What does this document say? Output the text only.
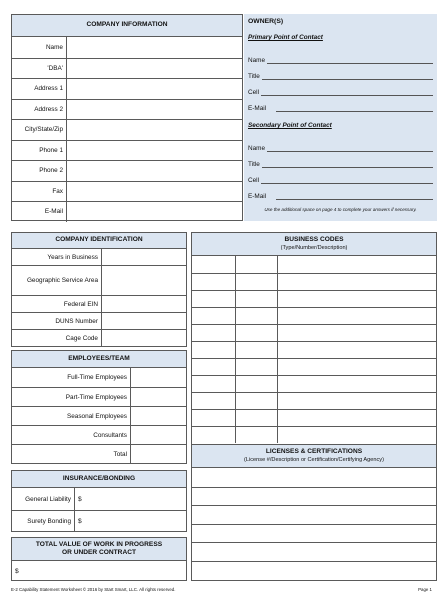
COMPANY INFORMATION
Name
'DBA'
Address 1
Address 2
City/State/Zip
Phone 1
Phone 2
Fax
E-Mail
OWNER(S)
Primary Point of Contact
Name
Title
Cell
E-Mail
Secondary Point of Contact
Name
Title
Cell
E-Mail
Use the additional space on page 4 to complete your answers if necessary.
COMPANY IDENTIFICATION
Years in Business
Geographic Service Area
Federal EIN
DUNS Number
Cage Code
EMPLOYEES/TEAM
Full-Time Employees
Part-Time Employees
Seasonal Employees
Consultants
Total
INSURANCE/BONDING
General Liability	$
Surety Bonding	$
TOTAL VALUE OF WORK IN PROGRESS
OR UNDER CONTRACT
$
BUSINESS CODES
(Type/Number/Description)
LICENSES & CERTIFICATIONS
(License #/Description or Certification/Certifying Agency)
E-2 Capability Statement Worksheet © 2016 by Start Smart, LLC. All rights reserved.	Page 1
